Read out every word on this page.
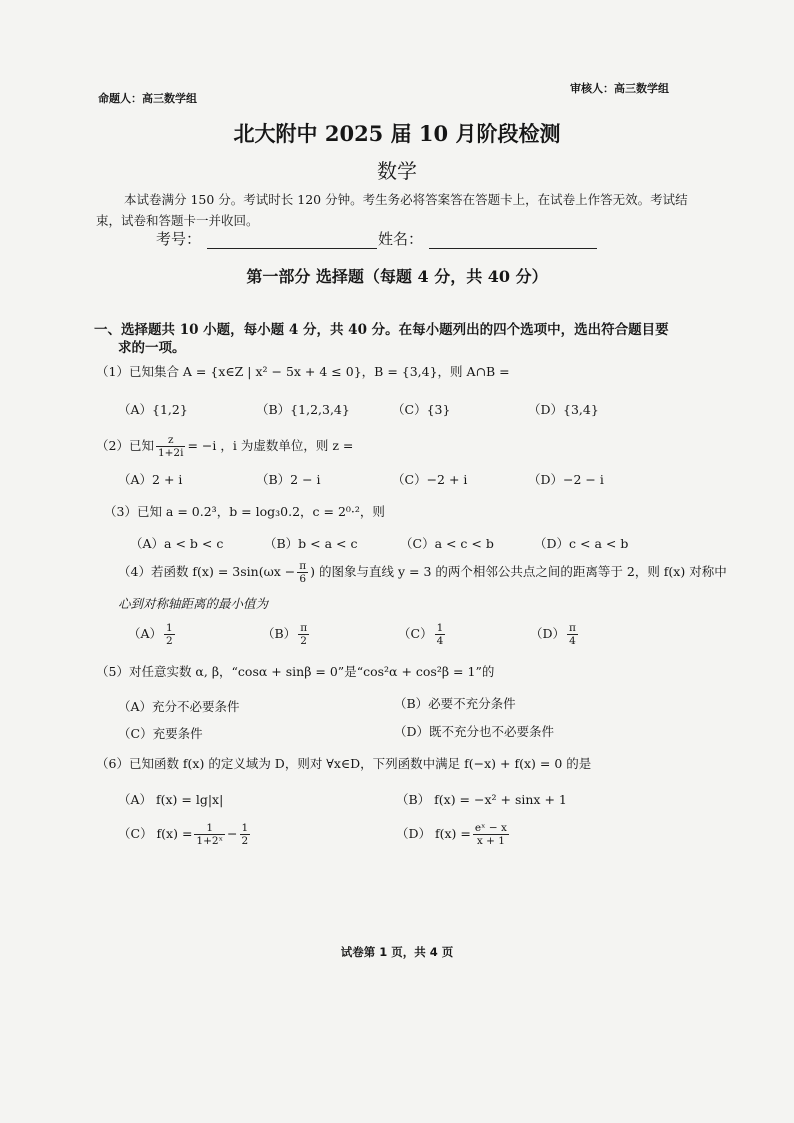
命题人：高三数学组
审核人：高三数学组
北大附中 2025 届 10 月阶段检测
数学
本试卷满分 150 分。考试时长 120 分钟。考生务必将答案答在答题卡上，在试卷上作答无效。考试结
束，试卷和答题卡一并收回。
考号：	姓名：
第一部分 选择题（每题 4 分，共 40 分）
一、选择题共 10 小题，每小题 4 分，共 40 分。在每小题列出的四个选项中，选出符合题目要
求的一项。
（1）已知集合 A = {x∈Z | x² − 5x + 4 ≤ 0}，B = {3,4}，则 A∩B =
（A）{1,2}	（B）{1,2,3,4}	（C）{3}	（D）{3,4}
（2）已知 $\frac{z}{1+2i} = -i$ ，i 为虚数单位，则 z =
（A）2 + i	（B）2 − i	（C）−2 + i	（D）−2 − i
（3）已知 a = 0.2³，b = log₃0.2，c = 2⁰·²，则
（A）a < b < c	（B）b < a < c	（C）a < c < b	（D）c < a < b
（4）若函数 $f(x) = 3\sin(\omega x - \frac{\pi}{6}$ ) 的图象与直线 y = 3 的两个相邻公共点之间的距离等于 2，则 f(x) 对称中
心到对称轴距离的最小值为
$(A) \frac{1}{2}$	$(B) \frac{\pi}{2}$	$(C) \frac{1}{4}$	$(D) \frac{\pi}{4}$
（5）对任意实数 α, β，“cosα + sinβ = 0”是“cos²α + cos²β = 1”的
（A）充分不必要条件	（B）必要不充分条件
（C）充要条件	（D）既不充分也不必要条件
（6）已知函数 f(x) 的定义域为 D，则对 ∀x∈D，下列函数中满足 f(−x) + f(x) = 0 的是
（A） f(x) = lg|x|	（B） f(x) = −x² + sinx + 1
（C） $f(x) = \frac{1}{\text{1+2ˣ}} - \frac{1}{2}$	（D） $f(x) = \frac{\text{eˣ − x}}{x + 1}$
试卷第 1 页，共 4 页
